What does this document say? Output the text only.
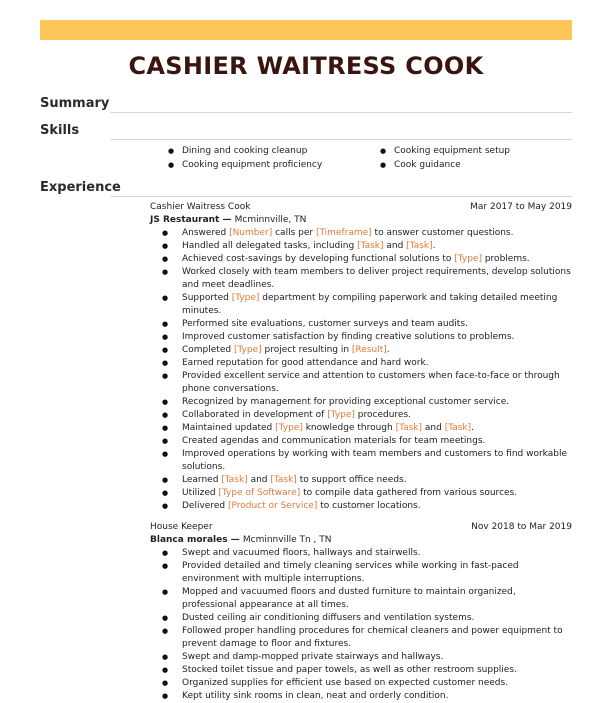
CASHIER WAITRESS COOK
Summary
Skills
● Dining and cooking cleanup	● Cooking equipment setup
● Cooking equipment proficiency	● Cook guidance
Experience
Cashier Waitress Cook	Mar 2017 to May 2019
JS Restaurant — Mcminnville, TN
● Answered [Number] calls per [Timeframe] to answer customer questions.
● Handled all delegated tasks, including [Task] and [Task].
● Achieved cost-savings by developing functional solutions to [Type] problems.
● Worked closely with team members to deliver project requirements, develop solutions and meet deadlines.
● Supported [Type] department by compiling paperwork and taking detailed meeting minutes.
● Performed site evaluations, customer surveys and team audits.
● Improved customer satisfaction by finding creative solutions to problems.
● Completed [Type] project resulting in [Result].
● Earned reputation for good attendance and hard work.
● Provided excellent service and attention to customers when face-to-face or through phone conversations.
● Recognized by management for providing exceptional customer service.
● Collaborated in development of [Type] procedures.
● Maintained updated [Type] knowledge through [Task] and [Task].
● Created agendas and communication materials for team meetings.
● Improved operations by working with team members and customers to find workable solutions.
● Learned [Task] and [Task] to support office needs.
● Utilized [Type of Software] to compile data gathered from various sources.
● Delivered [Product or Service] to customer locations.
House Keeper	Nov 2018 to Mar 2019
Blanca morales — Mcminnville Tn , TN
● Swept and vacuumed floors, hallways and stairwells.
● Provided detailed and timely cleaning services while working in fast-paced environment with multiple interruptions.
● Mopped and vacuumed floors and dusted furniture to maintain organized, professional appearance at all times.
● Dusted ceiling air conditioning diffusers and ventilation systems.
● Followed proper handling procedures for chemical cleaners and power equipment to prevent damage to floor and fixtures.
● Swept and damp-mopped private stairways and hallways.
● Stocked toilet tissue and paper towels, as well as other restroom supplies.
● Organized supplies for efficient use based on expected customer needs.
● Kept utility sink rooms in clean, neat and orderly condition.
